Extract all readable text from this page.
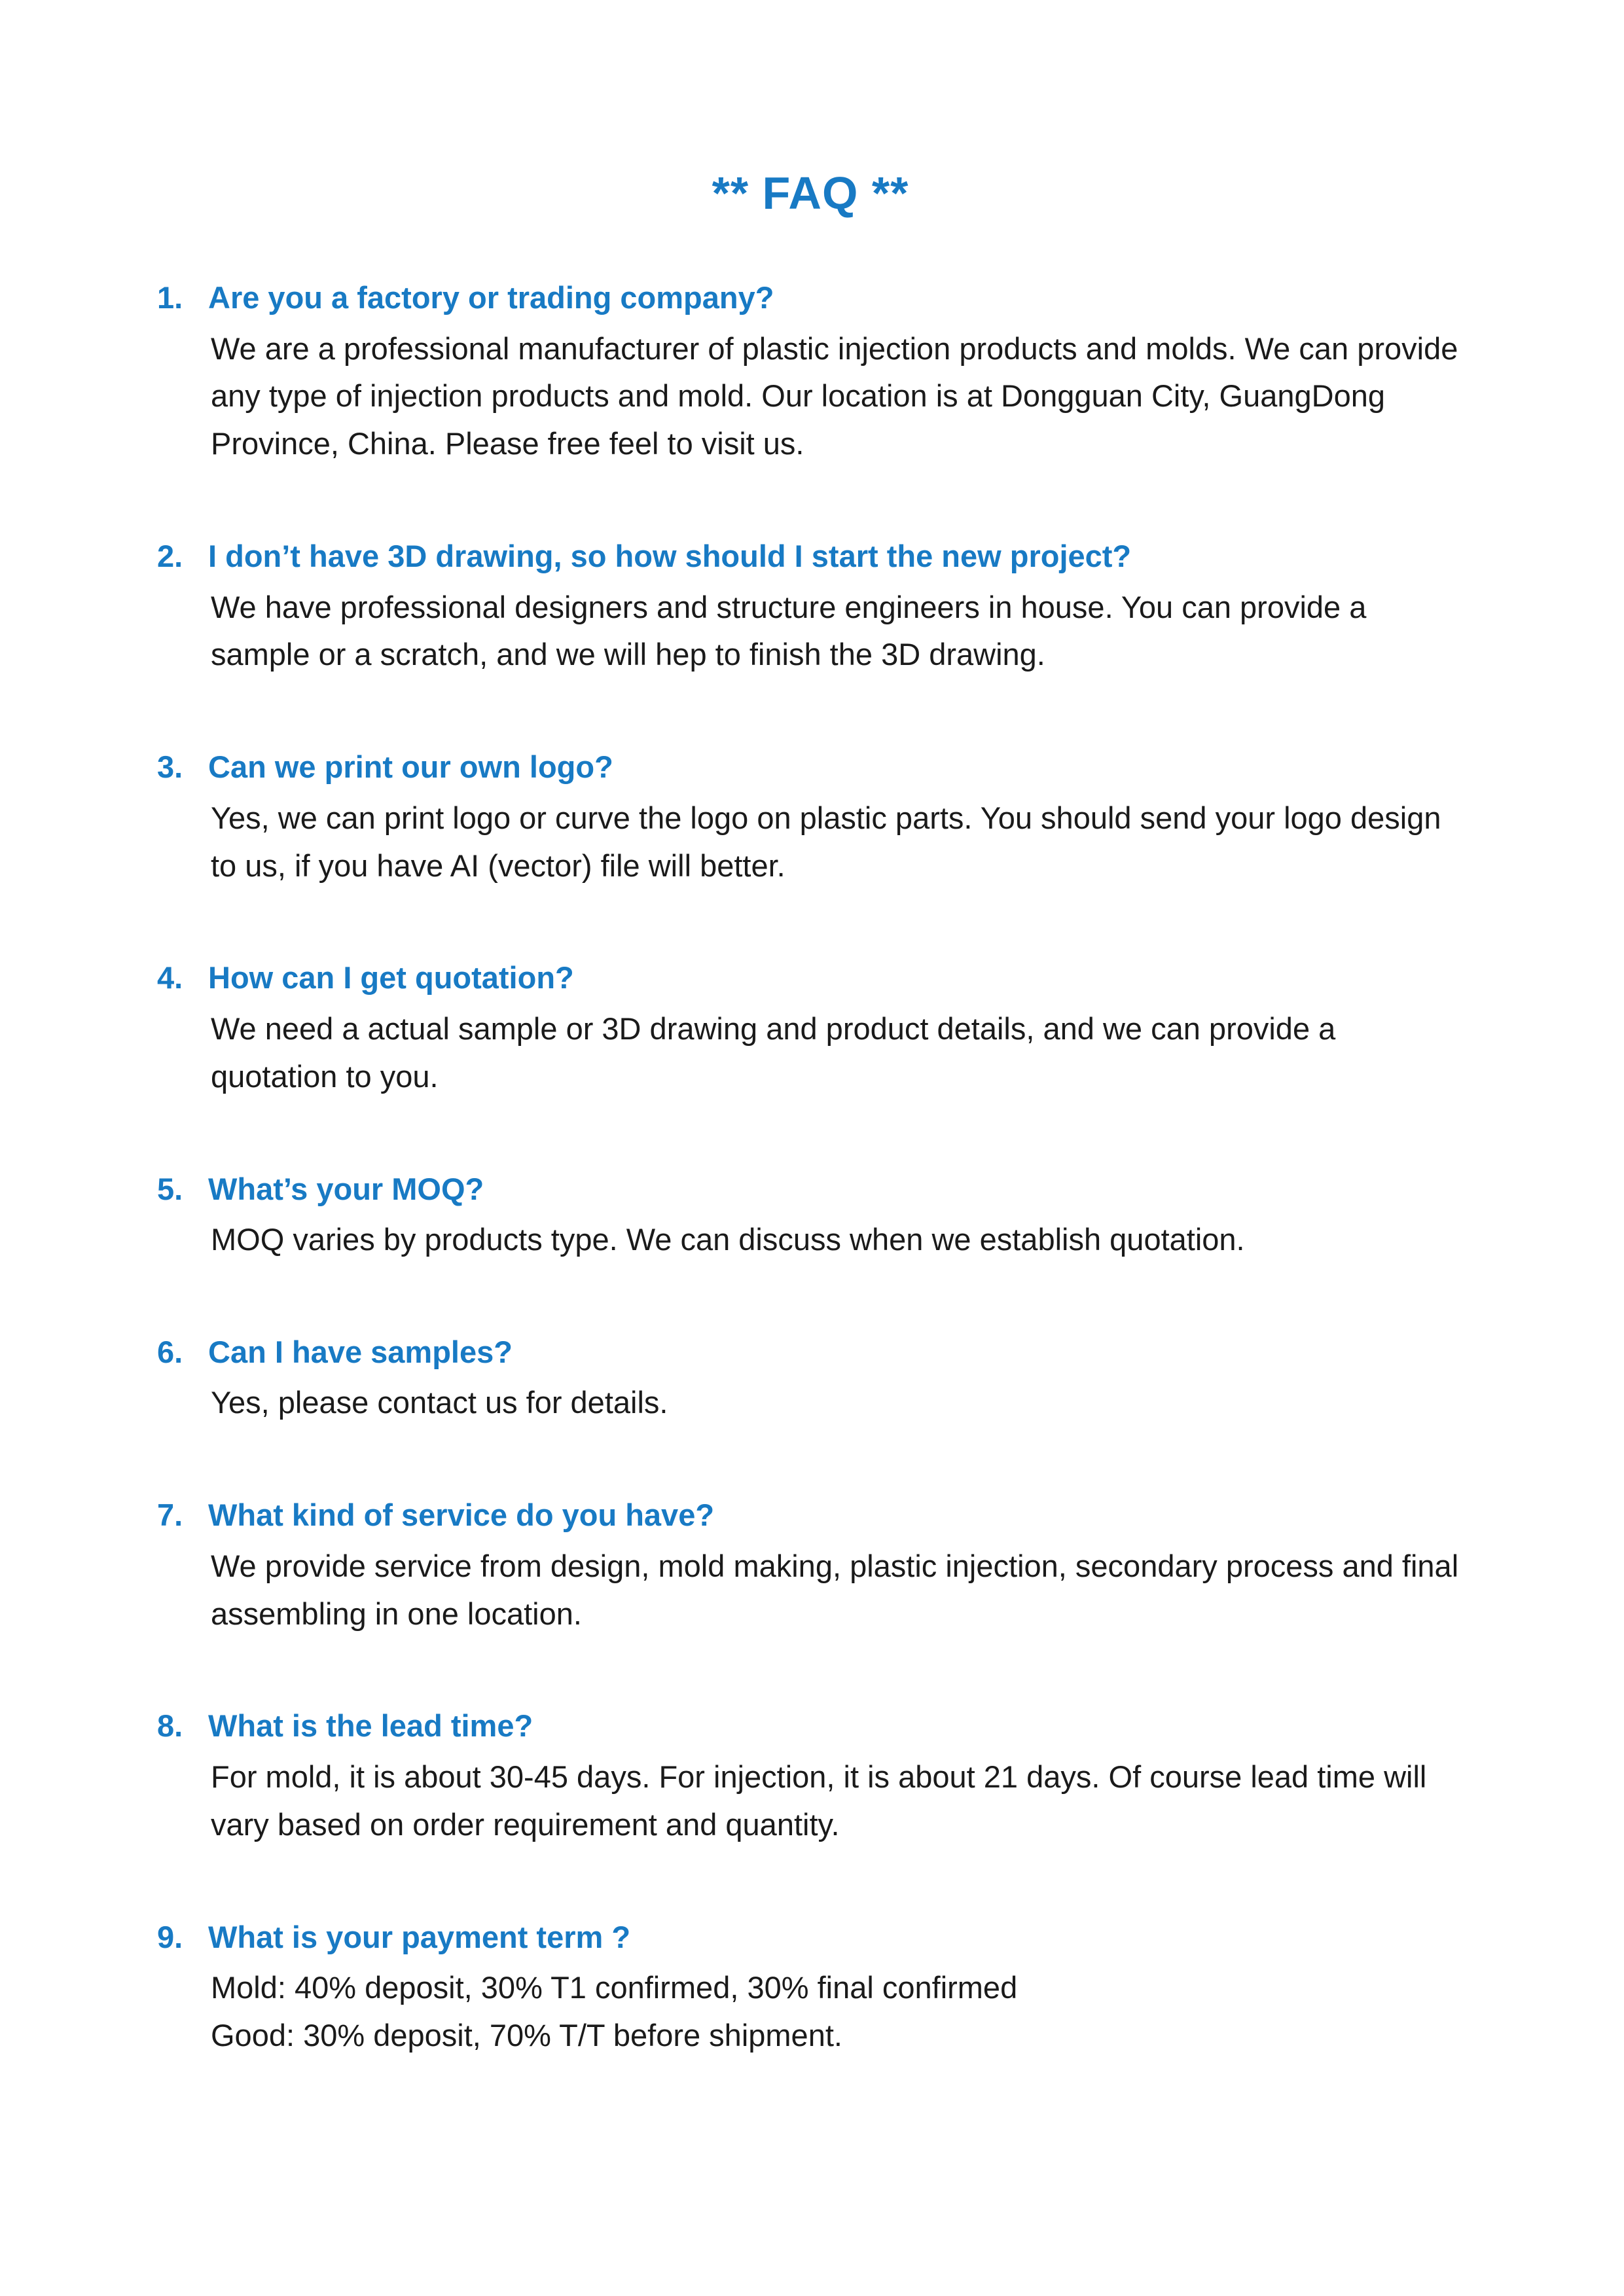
** FAQ **
1. Are you a factory or trading company?
We are a professional manufacturer of plastic injection products and molds. We can provide any type of injection products and mold. Our location is at Dongguan City, GuangDong Province, China. Please free feel to visit us.
2. I don’t have 3D drawing, so how should I start the new project?
We have professional designers and structure engineers in house. You can provide a sample or a scratch, and we will hep to finish the 3D drawing.
3. Can we print our own logo?
Yes, we can print logo or curve the logo on plastic parts. You should send your logo design to us, if you have AI (vector) file will better.
4. How can I get quotation?
We need a actual sample or 3D drawing and product details, and we can provide a quotation to you.
5. What’s your MOQ?
MOQ varies by products type. We can discuss when we establish quotation.
6. Can I have samples?
Yes, please contact us for details.
7. What kind of service do you have?
We provide service from design, mold making, plastic injection, secondary process and final assembling in one location.
8. What is the lead time?
For mold, it is about 30-45 days. For injection, it is about 21 days. Of course lead time will vary based on order requirement and quantity.
9. What is your payment term ?
Mold: 40% deposit, 30% T1 confirmed, 30% final confirmed
Good: 30% deposit, 70% T/T before shipment.
